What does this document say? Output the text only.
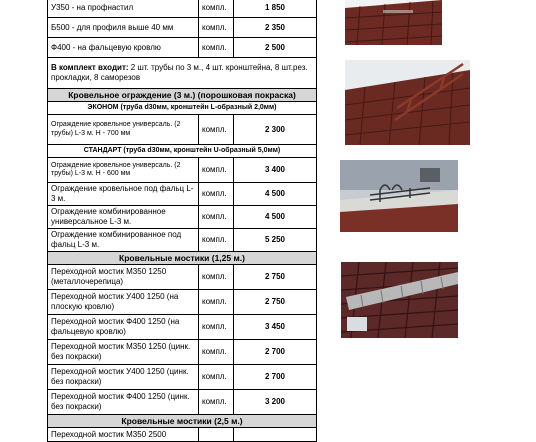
У350 - на профнастил	компл.	1 850
Б500 - для профиля выше 40 мм	компл.	2 350
Ф400 - на фальцевую кровлю	компл.	2 500
В комплект входит: 2 шт. трубы по 3 м., 4 шт. кронштейна, 8 шт.рез. прокладки, 8 саморезов		
Кровельное ограждение (3 м.) (порошковая покраска)		
ЭКОНОМ (труба d30мм, кронштейн L-образный 2,0мм)		
Ограждение кровельное универсаль. (2 трубы) L-3 м. Н - 700 мм	компл.	2 300
СТАНДАРТ (труба d30мм, кронштейн U-образный 5,0мм)		
Ограждение кровельное универсаль. (2 трубы) L-3 м. Н - 600 мм	компл.	3 400
Ограждение кровельное под фальц L-3 м.	компл.	4 500
Ограждение комбинированное универсальное L-3 м.	компл.	4 500
Ограждение комбинированное под фальц L-3 м.	компл.	5 250
Кровельные мостики (1,25 м.)		
Переходной мостик М350 1250 (металлочерепица)	компл.	2 750
Переходной мостик У400 1250 (на плоскую кровлю)	компл.	2 750
Переходной мостик Ф400 1250 (на фальцевую кровлю)	компл.	3 450
Переходной мостик М350 1250 (цинк. без покраски)	компл.	2 700
Переходной мостик У400 1250 (цинк. без покраски)	компл.	2 700
Переходной мостик Ф400 1250 (цинк. без покраски)	компл.	3 200
Кровельные мостики (2,5 м.)		
Переходной мостик М350 2500		
